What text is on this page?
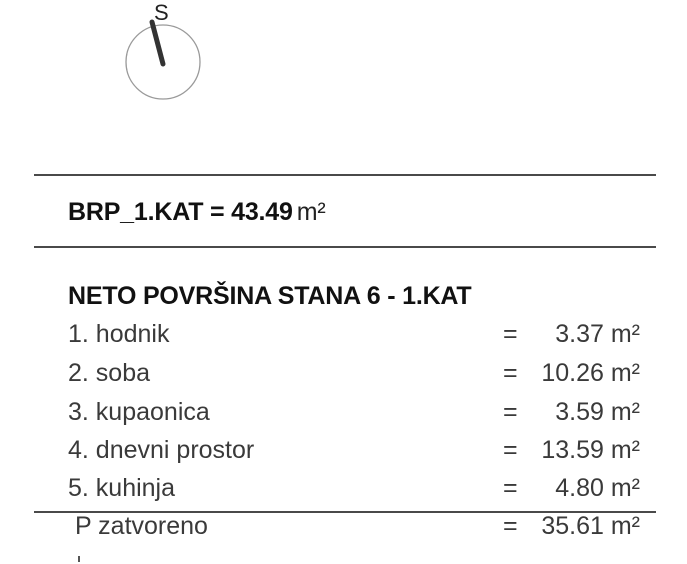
S
BRP_1.KAT = 43.49 m²
NETO POVRŠINA STANA 6 - 1.KAT
1. hodnik	= 3.37 m²
2. soba	= 10.26 m²
3. kupaonica	= 3.59 m²
4. dnevni prostor	= 13.59 m²
5. kuhinja	= 4.80 m²
P zatvoreno	= 35.61 m²
